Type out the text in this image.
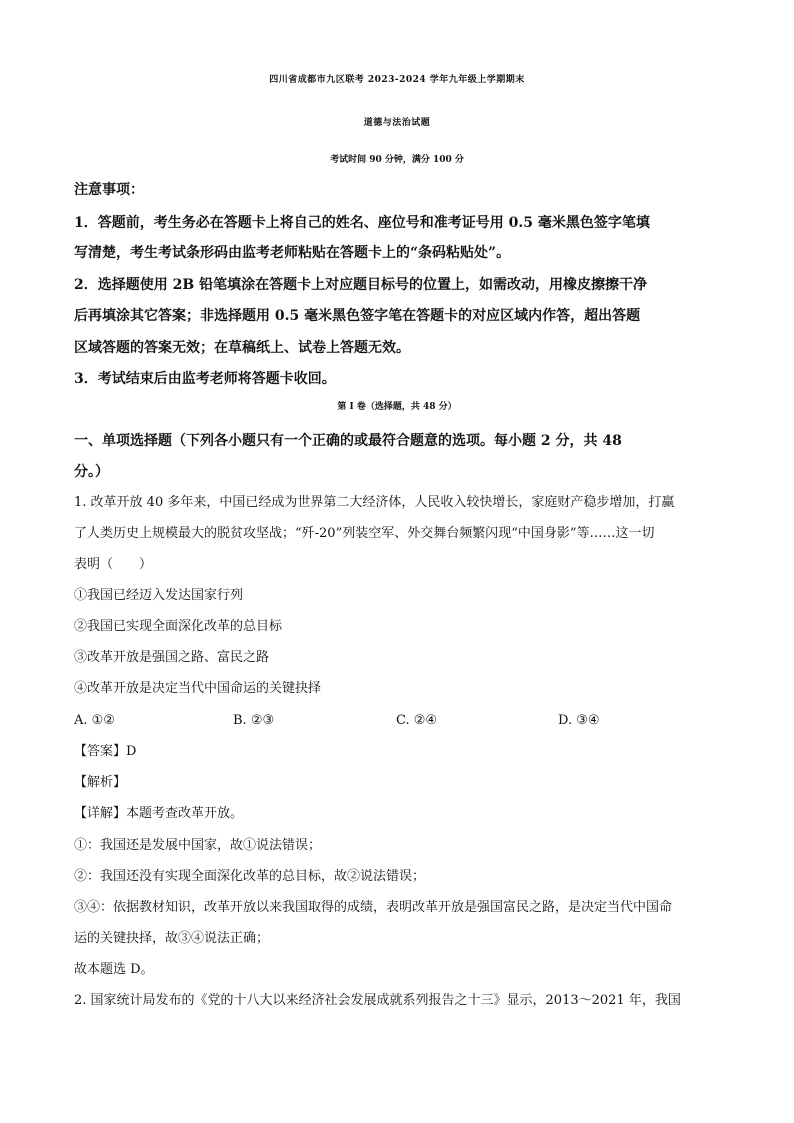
四川省成都市九区联考 2023-2024 学年九年级上学期期末
道德与法治试题
考试时间 90 分钟，满分 100 分
注意事项：
1．答题前，考生务必在答题卡上将自己的姓名、座位号和准考证号用 0.5 毫米黑色签字笔填
写清楚，考生考试条形码由监考老师粘贴在答题卡上的“条码粘贴处”。
2．选择题使用 2B 铅笔填涂在答题卡上对应题目标号的位置上，如需改动，用橡皮擦擦干净
后再填涂其它答案；非选择题用 0.5 毫米黑色签字笔在答题卡的对应区域内作答，超出答题
区域答题的答案无效；在草稿纸上、试卷上答题无效。
3．考试结束后由监考老师将答题卡收回。
第 I 卷（选择题，共 48 分）
一、单项选择题（下列各小题只有一个正确的或最符合题意的选项。每小题 2 分，共 48
分。）
1. 改革开放 40 多年来，中国已经成为世界第二大经济体，人民收入较快增长，家庭财产稳步增加，打赢
了人类历史上规模最大的脱贫攻坚战；“歼-20”列装空军、外交舞台频繁闪现“中国身影”等……这一切
表明（　　）
①我国已经迈入发达国家行列
②我国已实现全面深化改革的总目标
③改革开放是强国之路、富民之路
④改革开放是决定当代中国命运的关键抉择
A. ①②	B. ②③	C. ②④	D. ③④
【答案】D
【解析】
【详解】本题考查改革开放。
①：我国还是发展中国家，故①说法错误；
②：我国还没有实现全面深化改革的总目标，故②说法错误；
③④：依据教材知识，改革开放以来我国取得的成绩，表明改革开放是强国富民之路，是决定当代中国命
运的关键抉择，故③④说法正确；
故本题选 D。
2. 国家统计局发布的《党的十八大以来经济社会发展成就系列报告之十三》显示，2013～2021 年，我国
